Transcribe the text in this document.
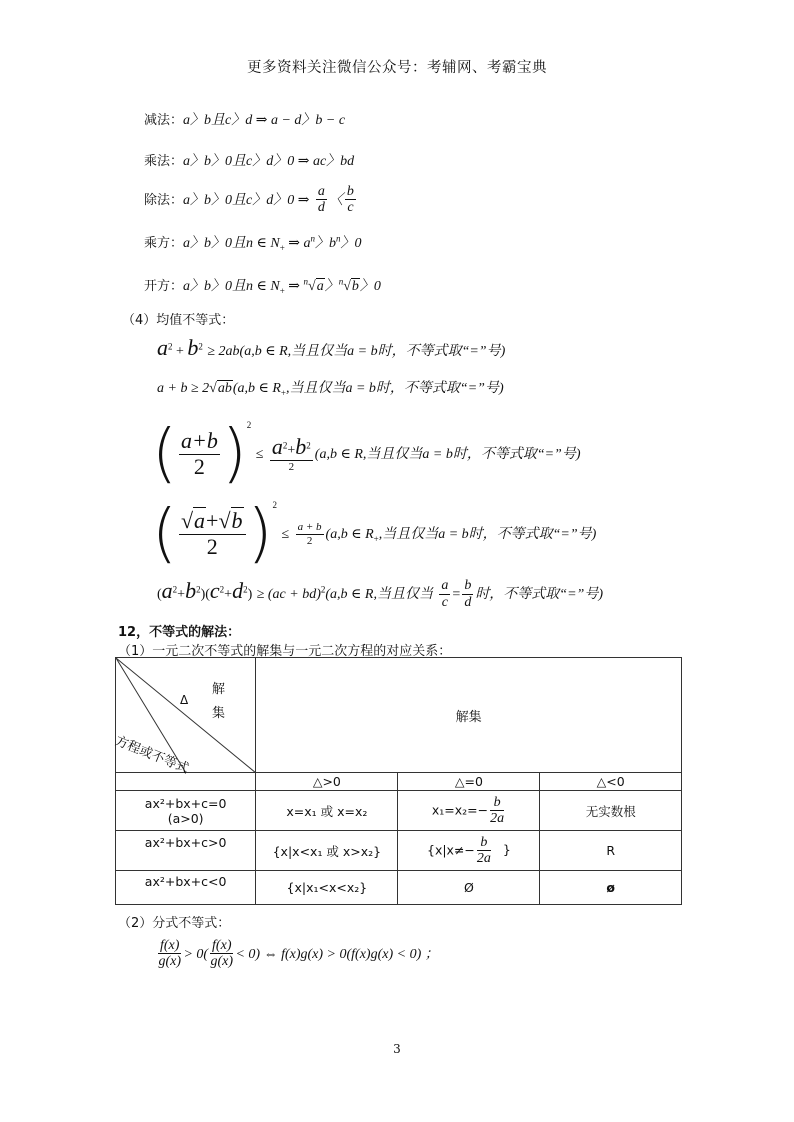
更多资料关注微信公众号：考辅网、考霸宝典
减法：a〉b且c〉d ⇒ a − d〉b − c
乘法：a〉b〉0且c〉d〉0 ⇒ ac〉bd
除法：a〉b〉0且c〉d〉0 ⇒ $\frac{a}{d}$ 〈 $\frac{b}{c}$
乘方：a〉b〉0且n ∈ $N_+$ ⇒ $a^n$〉$b^n$〉0
开方：a〉b〉0且n ∈ $N_+$ ⇒ $^n$√a〉$^n$√b〉0
（4）均值不等式：
$a^2 + b^2 \ge 2ab(a,b$ ∈ R,当且仅当a = b时，不等式取“=”号)
a + b ≥ 2√ab(a,b ∈ $R_+$,当且仅当a = b时，不等式取“=”号)
( $\frac{a+b}{2} )^2 \le \frac{a^2+b^2}{2} (a,b$ ∈ R,当且仅当a = b时，不等式取“=”号)
( $\frac{√a+√b}{2} )^2 \le \frac{a + b}{2} (a,b$ ∈ $R_+$,当且仅当a = b时，不等式取“=”号)
$(a^2+b^2)(c^2+d^2) \ge (ac + bd)^2(a,b$ ∈ R,当且仅当 $\frac{a}{c} = \frac{b}{d}$ 时，不等式取“=”号)
12，不等式的解法：
（1）一元二次不等式的解集与一元二次方程的对应关系：
解
集
Δ
方程或不等式	解集		
	△>0	△=0	△<0
ax²+bx+c=0
(a>0)	x=x₁ 或 x=x₂	$x_1=x_2=- \frac{b}{2a}$	无实数根
ax²+bx+c>0	{x|x<x₁ 或 x>x₂}	{$x|x\ne- \frac{b}{2a}$ }	R
ax²+bx+c<0	{x|x₁<x<x₂}	Ø	ø
（2）分式不等式：
$\frac{f(x)}{g(x)} > 0( \frac{f(x)}{g(x)} < 0)$ ⇔ f(x)g(x) > 0(f(x)g(x) < 0) ；
3
